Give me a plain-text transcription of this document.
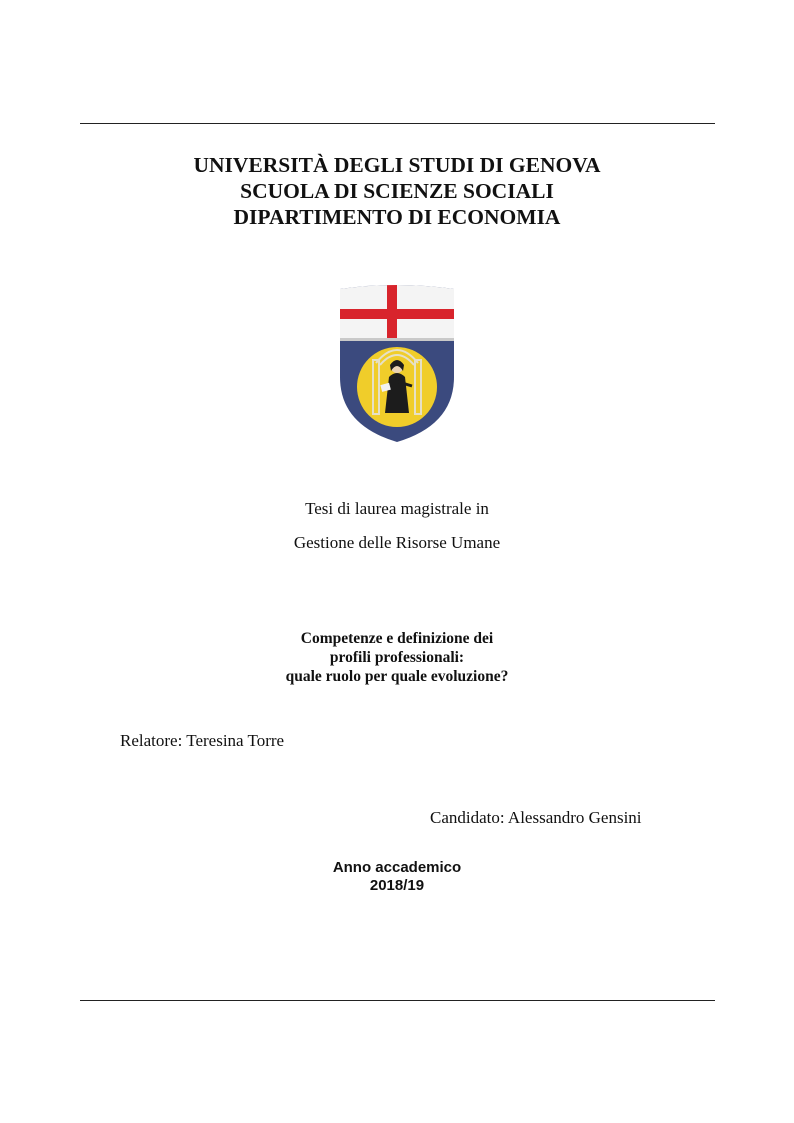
UNIVERSITÀ DEGLI STUDI DI GENOVA
SCUOLA DI SCIENZE SOCIALI
DIPARTIMENTO DI ECONOMIA
Tesi di laurea magistrale in
Gestione delle Risorse Umane
Competenze e definizione dei
profili professionali:
quale ruolo per quale evoluzione?
Relatore: Teresina Torre
Candidato: Alessandro Gensini
Anno accademico
2018/19
